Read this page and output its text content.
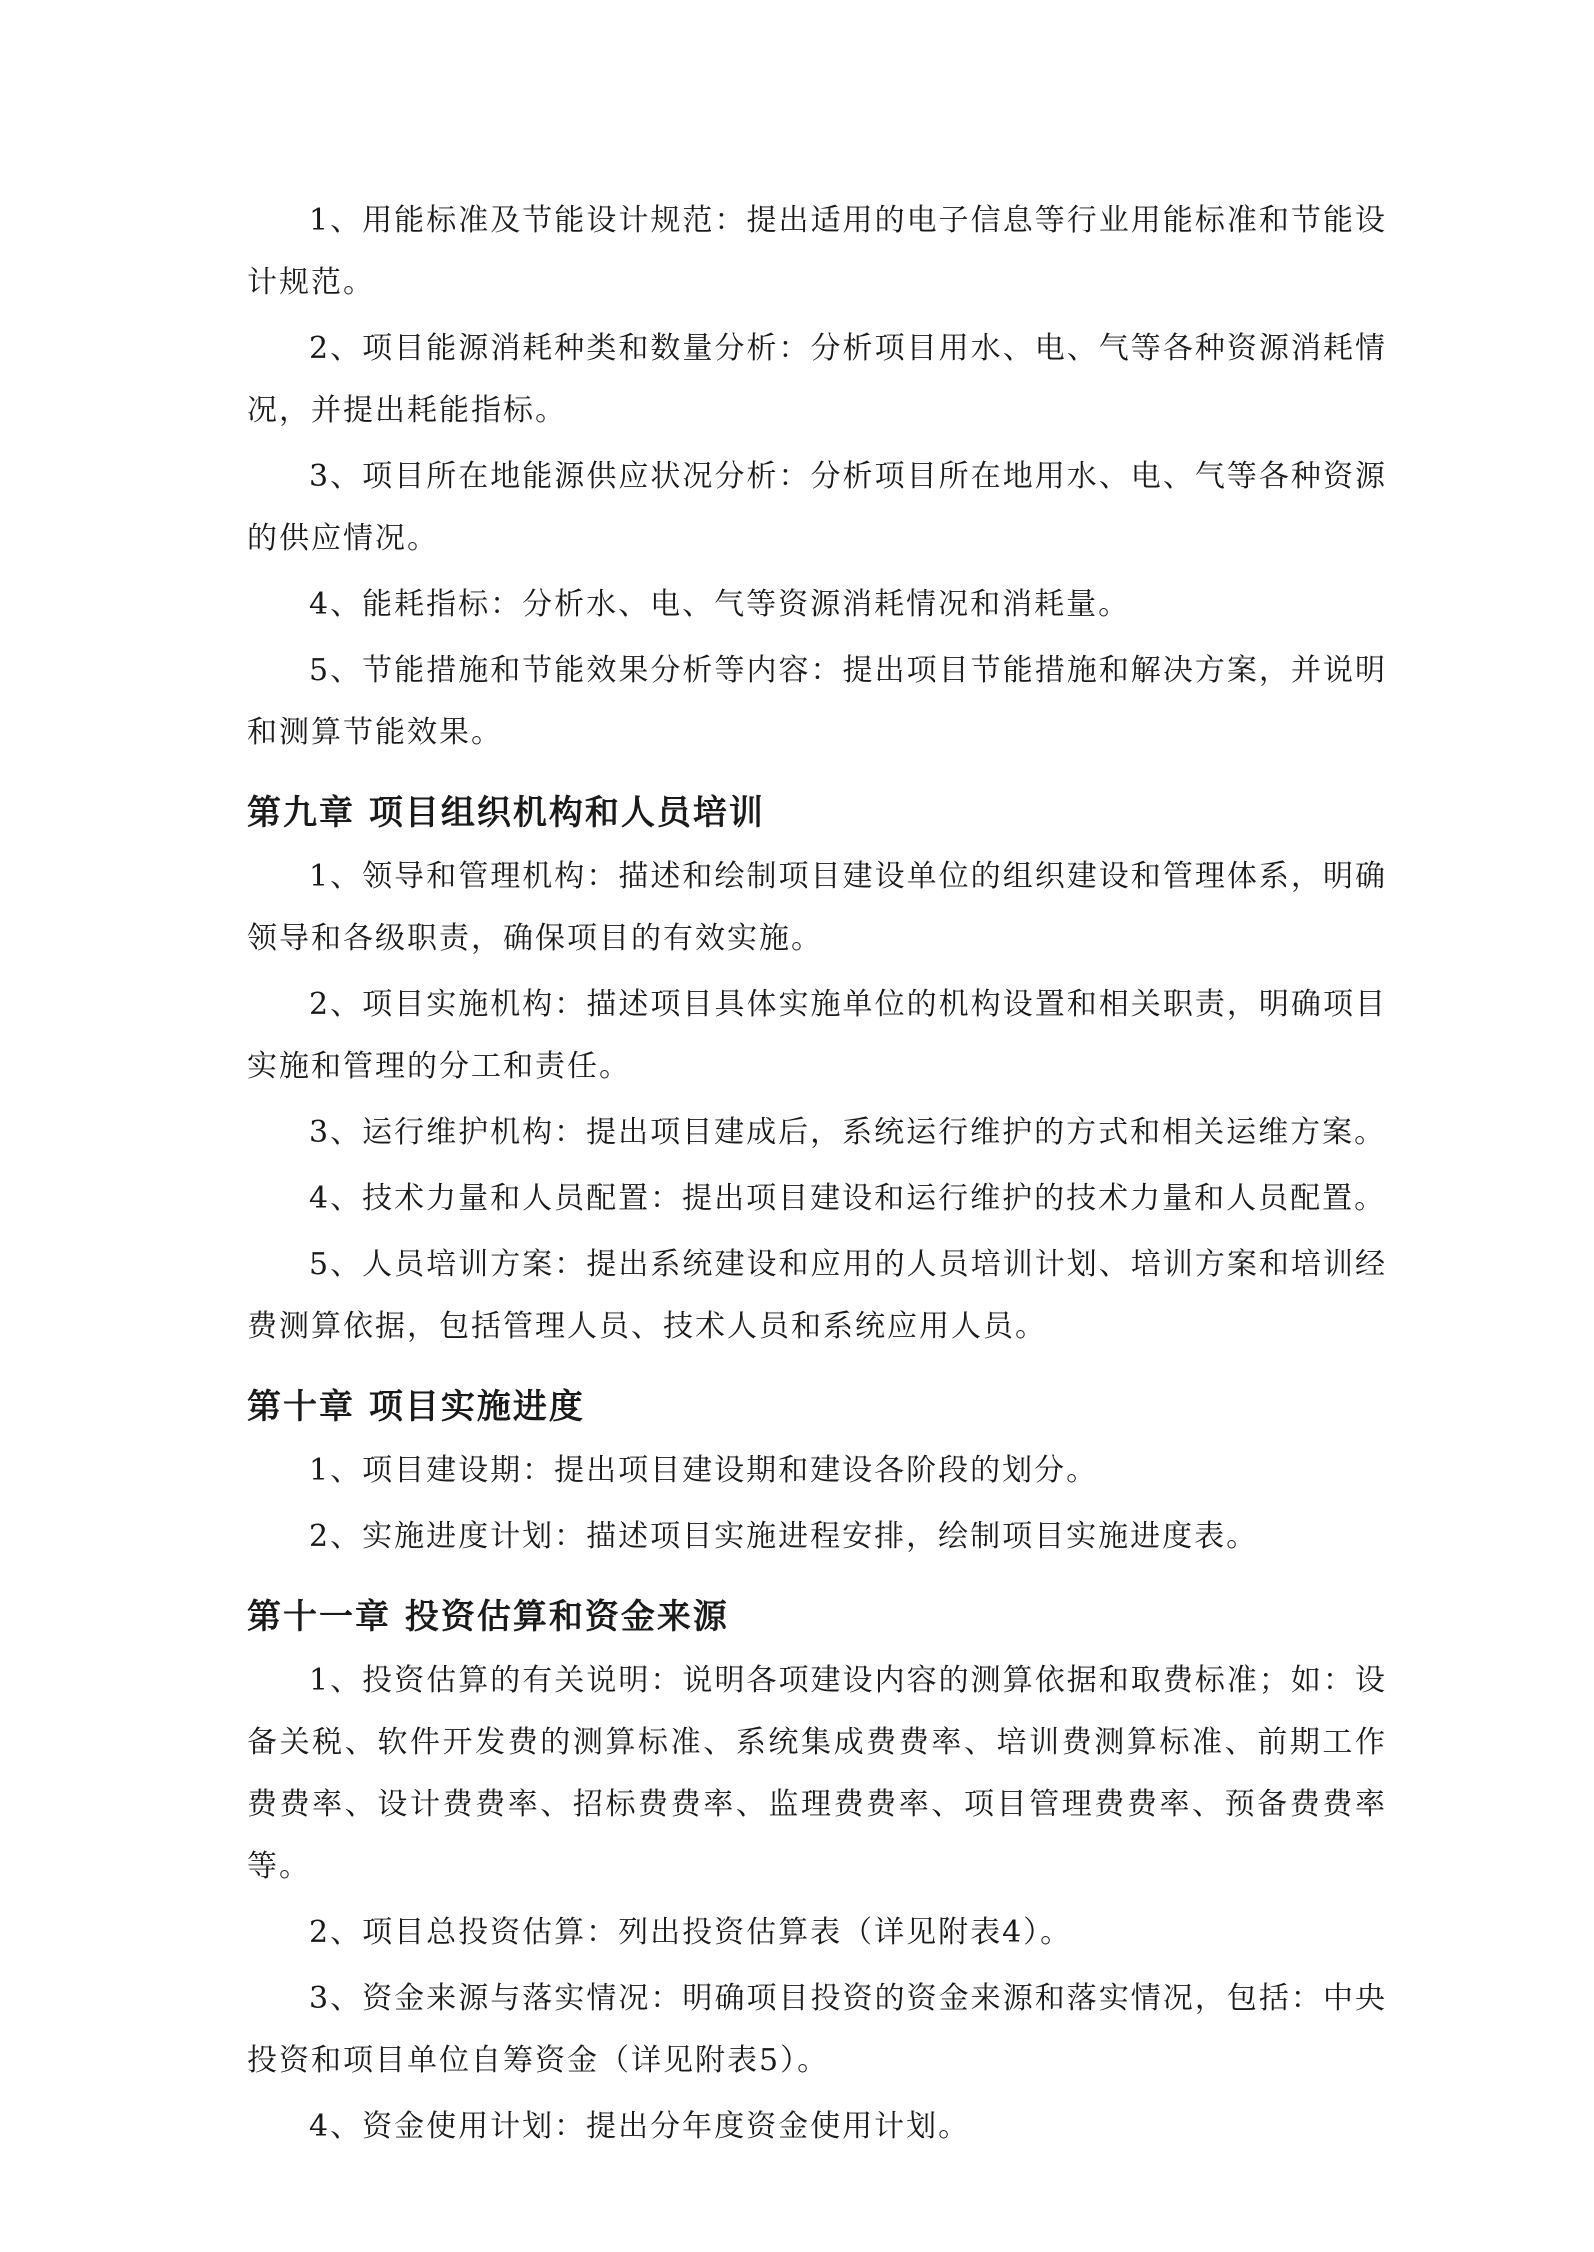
1、用能标准及节能设计规范：提出适用的电子信息等行业用能标准和节能设计规范。

2、项目能源消耗种类和数量分析：分析项目用水、电、气等各种资源消耗情况，并提出耗能指标。

3、项目所在地能源供应状况分析：分析项目所在地用水、电、气等各种资源的供应情况。

4、能耗指标：分析水、电、气等资源消耗情况和消耗量。

5、节能措施和节能效果分析等内容：提出项目节能措施和解决方案，并说明和测算节能效果。

第九章 项目组织机构和人员培训

1、领导和管理机构：描述和绘制项目建设单位的组织建设和管理体系，明确领导和各级职责，确保项目的有效实施。

2、项目实施机构：描述项目具体实施单位的机构设置和相关职责，明确项目实施和管理的分工和责任。

3、运行维护机构：提出项目建成后，系统运行维护的方式和相关运维方案。

4、技术力量和人员配置：提出项目建设和运行维护的技术力量和人员配置。

5、人员培训方案：提出系统建设和应用的人员培训计划、培训方案和培训经费测算依据，包括管理人员、技术人员和系统应用人员。

第十章 项目实施进度

1、项目建设期：提出项目建设期和建设各阶段的划分。

2、实施进度计划：描述项目实施进程安排，绘制项目实施进度表。

第十一章 投资估算和资金来源

1、投资估算的有关说明：说明各项建设内容的测算依据和取费标准；如：设备关税、软件开发费的测算标准、系统集成费费率、培训费测算标准、前期工作费费率、设计费费率、招标费费率、监理费费率、项目管理费费率、预备费费率等。

2、项目总投资估算：列出投资估算表（详见附表4）。

3、资金来源与落实情况：明确项目投资的资金来源和落实情况，包括：中央投资和项目单位自筹资金（详见附表5）。

4、资金使用计划：提出分年度资金使用计划。
